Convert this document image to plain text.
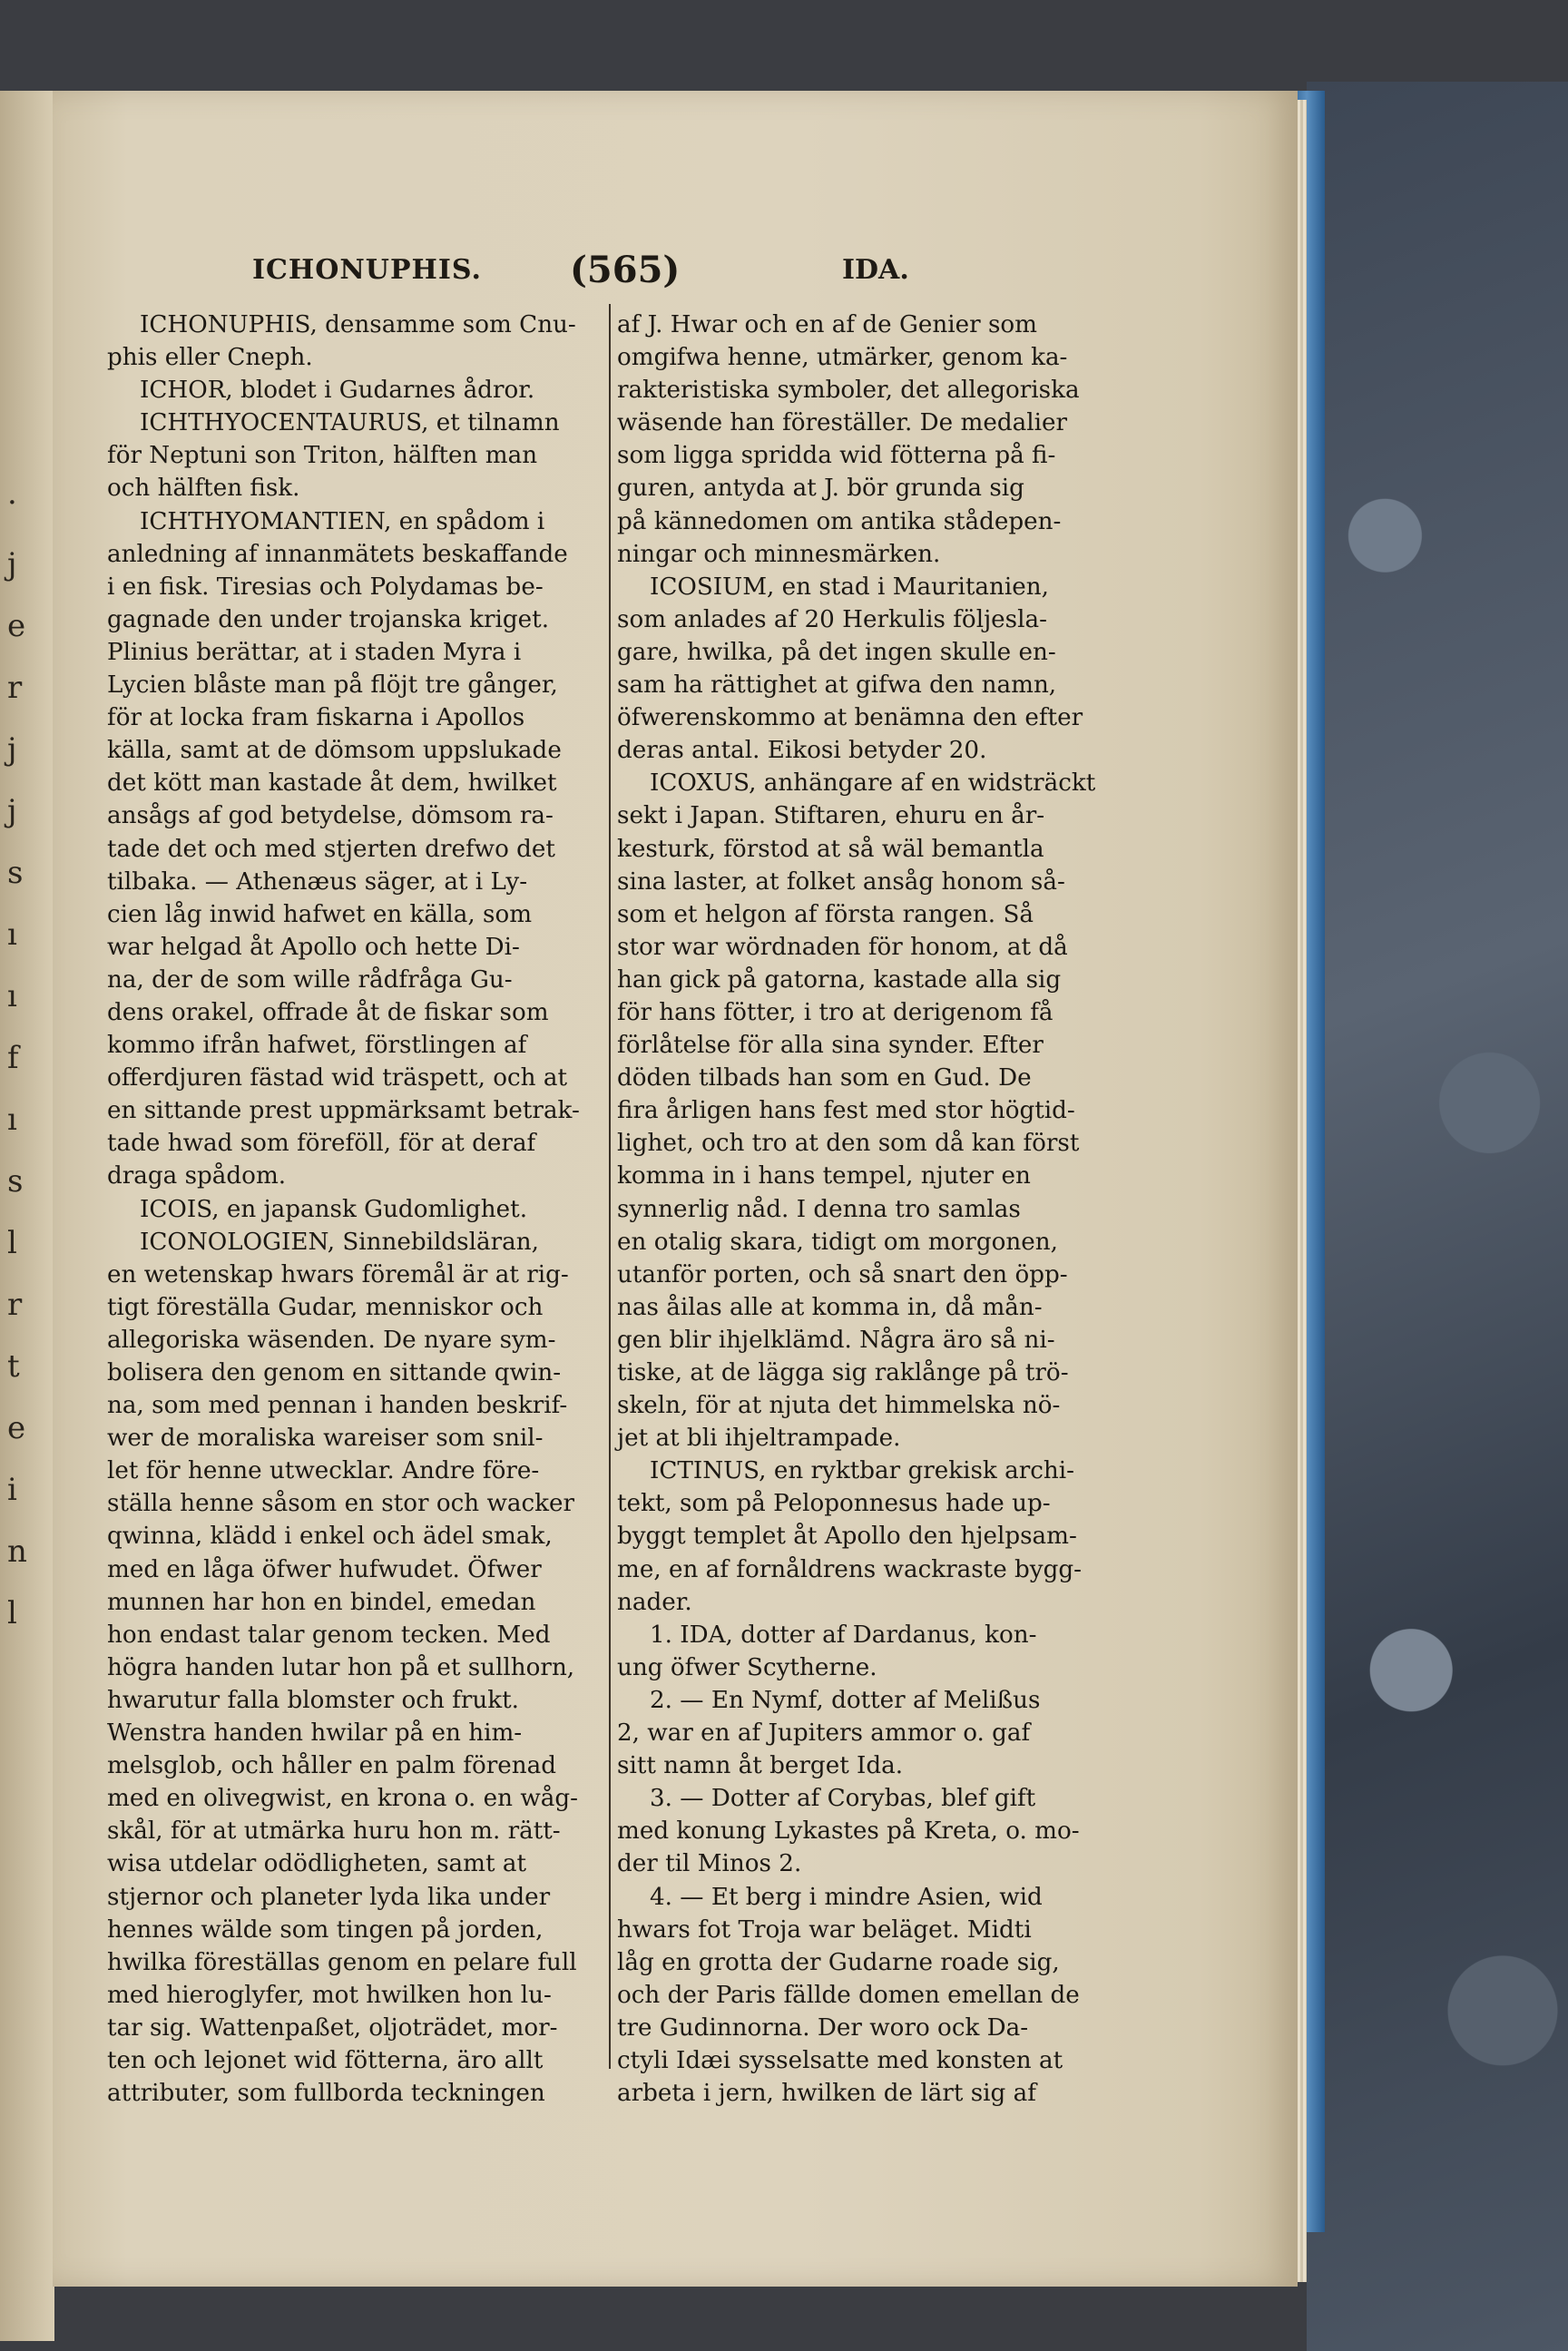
·
j
e
r
j
j
s
ı
ı
f
ı
s
l
r
t
e
i
n
l
ICHONUPHIS. (565)	IDA.
ICHONUPHIS, densamme som Cnu-
phis eller Cneph.
ICHOR, blodet i Gudarnes ådror.
ICHTHYOCENTAURUS, et tilnamn
för Neptuni son Triton, hälften man
och hälften fisk.
ICHTHYOMANTIEN, en spådom i
anledning af innanmätets beskaffande
i en fisk. Tiresias och Polydamas be-
gagnade den under trojanska kriget.
Plinius berättar, at i staden Myra i
Lycien blåste man på flöjt tre gånger,
för at locka fram fiskarna i Apollos
källa, samt at de dömsom uppslukade
det kött man kastade åt dem, hwilket
ansågs af god betydelse, dömsom ra-
tade det och med stjerten drefwo det
tilbaka. — Athenæus säger, at i Ly-
cien låg inwid hafwet en källa, som
war helgad åt Apollo och hette Di-
na, der de som wille rådfråga Gu-
dens orakel, offrade åt de fiskar som
kommo ifrån hafwet, förstlingen af
offerdjuren fästad wid träspett, och at
en sittande prest uppmärksamt betrak-
tade hwad som föreföll, för at deraf
draga spådom.
ICOIS, en japansk Gudomlighet.
ICONOLOGIEN, Sinnebildsläran,
en wetenskap hwars föremål är at rig-
tigt föreställa Gudar, menniskor och
allegoriska wäsenden. De nyare sym-
bolisera den genom en sittande qwin-
na, som med pennan i handen beskrif-
wer de moraliska wareiser som snil-
let för henne utwecklar. Andre före-
ställa henne såsom en stor och wacker
qwinna, klädd i enkel och ädel smak,
med en låga öfwer hufwudet. Öfwer
munnen har hon en bindel, emedan
hon endast talar genom tecken. Med
högra handen lutar hon på et sullhorn,
hwarutur falla blomster och frukt.
Wenstra handen hwilar på en him-
melsglob, och håller en palm förenad
med en olivegwist, en krona o. en wåg-
skål, för at utmärka huru hon m. rätt-
wisa utdelar odödligheten, samt at
stjernor och planeter lyda lika under
hennes wälde som tingen på jorden,
hwilka föreställas genom en pelare full
med hieroglyfer, mot hwilken hon lu-
tar sig. Wattenpaßet, oljoträdet, mor-
ten och lejonet wid fötterna, äro allt
attributer, som fullborda teckningen
af J. Hwar och en af de Genier som
omgifwa henne, utmärker, genom ka-
rakteristiska symboler, det allegoriska
wäsende han föreställer. De medalier
som ligga spridda wid fötterna på fi-
guren, antyda at J. bör grunda sig
på kännedomen om antika stådepen-
ningar och minnesmärken.
ICOSIUM, en stad i Mauritanien,
som anlades af 20 Herkulis följesla-
gare, hwilka, på det ingen skulle en-
sam ha rättighet at gifwa den namn,
öfwerenskommo at benämna den efter
deras antal. Eikosi betyder 20.
ICOXUS, anhängare af en widsträckt
sekt i Japan. Stiftaren, ehuru en år-
kesturk, förstod at så wäl bemantla
sina laster, at folket ansåg honom så-
som et helgon af första rangen. Så
stor war wördnaden för honom, at då
han gick på gatorna, kastade alla sig
för hans fötter, i tro at derigenom få
förlåtelse för alla sina synder. Efter
döden tilbads han som en Gud. De
fira årligen hans fest med stor högtid-
lighet, och tro at den som då kan först
komma in i hans tempel, njuter en
synnerlig nåd. I denna tro samlas
en otalig skara, tidigt om morgonen,
utanför porten, och så snart den öpp-
nas åilas alle at komma in, då mån-
gen blir ihjelklämd. Några äro så ni-
tiske, at de lägga sig raklånge på trö-
skeln, för at njuta det himmelska nö-
jet at bli ihjeltrampade.
ICTINUS, en ryktbar grekisk archi-
tekt, som på Peloponnesus hade up-
byggt templet åt Apollo den hjelpsam-
me, en af fornåldrens wackraste bygg-
nader.
1. IDA, dotter af Dardanus, kon-
ung öfwer Scytherne.
2. — En Nymf, dotter af Melißus
2, war en af Jupiters ammor o. gaf
sitt namn åt berget Ida.
3. — Dotter af Corybas, blef gift
med konung Lykastes på Kreta, o. mo-
der til Minos 2.
4. — Et berg i mindre Asien, wid
hwars fot Troja war beläget. Midti
låg en grotta der Gudarne roade sig,
och der Paris fällde domen emellan de
tre Gudinnorna. Der woro ock Da-
ctyli Idæi sysselsatte med konsten at
arbeta i jern, hwilken de lärt sig af
